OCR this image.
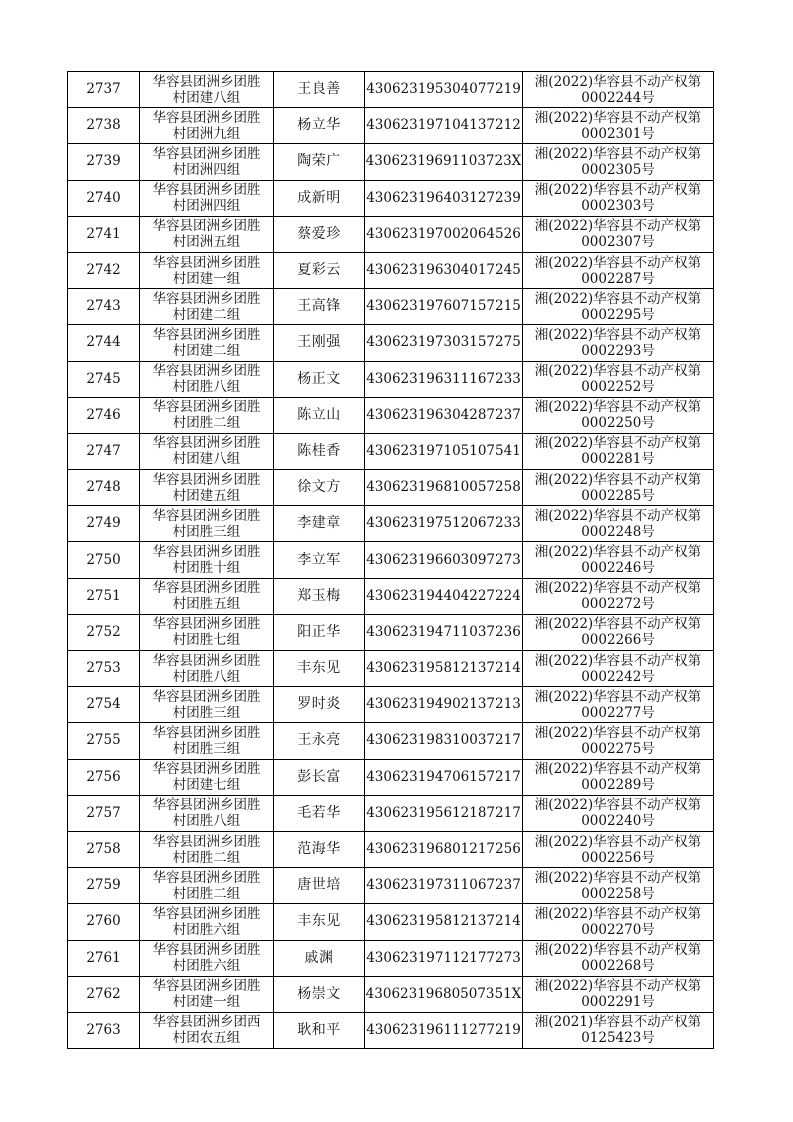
2737	华容县团洲乡团胜
村团建八组	王良善	430623195304077219	湘(2022)华容县不动产权第
0002244号

2738	华容县团洲乡团胜
村团洲九组	杨立华	430623197104137212	湘(2022)华容县不动产权第
0002301号

2739	华容县团洲乡团胜
村团洲四组	陶荣广	43062319691103723X	湘(2022)华容县不动产权第
0002305号

2740	华容县团洲乡团胜
村团洲四组	成新明	430623196403127239	湘(2022)华容县不动产权第
0002303号

2741	华容县团洲乡团胜
村团洲五组	蔡爱珍	430623197002064526	湘(2022)华容县不动产权第
0002307号

2742	华容县团洲乡团胜
村团建一组	夏彩云	430623196304017245	湘(2022)华容县不动产权第
0002287号

2743	华容县团洲乡团胜
村团建二组	王高锋	430623197607157215	湘(2022)华容县不动产权第
0002295号

2744	华容县团洲乡团胜
村团建二组	王刚强	430623197303157275	湘(2022)华容县不动产权第
0002293号

2745	华容县团洲乡团胜
村团胜八组	杨正文	430623196311167233	湘(2022)华容县不动产权第
0002252号

2746	华容县团洲乡团胜
村团胜二组	陈立山	430623196304287237	湘(2022)华容县不动产权第
0002250号

2747	华容县团洲乡团胜
村团建八组	陈桂香	430623197105107541	湘(2022)华容县不动产权第
0002281号

2748	华容县团洲乡团胜
村团建五组	徐文方	430623196810057258	湘(2022)华容县不动产权第
0002285号

2749	华容县团洲乡团胜
村团胜三组	李建章	430623197512067233	湘(2022)华容县不动产权第
0002248号

2750	华容县团洲乡团胜
村团胜十组	李立军	430623196603097273	湘(2022)华容县不动产权第
0002246号

2751	华容县团洲乡团胜
村团胜五组	郑玉梅	430623194404227224	湘(2022)华容县不动产权第
0002272号

2752	华容县团洲乡团胜
村团胜七组	阳正华	430623194711037236	湘(2022)华容县不动产权第
0002266号

2753	华容县团洲乡团胜
村团胜八组	丰东见	430623195812137214	湘(2022)华容县不动产权第
0002242号

2754	华容县团洲乡团胜
村团胜三组	罗时炎	430623194902137213	湘(2022)华容县不动产权第
0002277号

2755	华容县团洲乡团胜
村团胜三组	王永亮	430623198310037217	湘(2022)华容县不动产权第
0002275号

2756	华容县团洲乡团胜
村团建七组	彭长富	430623194706157217	湘(2022)华容县不动产权第
0002289号

2757	华容县团洲乡团胜
村团胜八组	毛若华	430623195612187217	湘(2022)华容县不动产权第
0002240号

2758	华容县团洲乡团胜
村团胜二组	范海华	430623196801217256	湘(2022)华容县不动产权第
0002256号

2759	华容县团洲乡团胜
村团胜二组	唐世培	430623197311067237	湘(2022)华容县不动产权第
0002258号

2760	华容县团洲乡团胜
村团胜六组	丰东见	430623195812137214	湘(2022)华容县不动产权第
0002270号

2761	华容县团洲乡团胜
村团胜六组	戚渊	430623197112177273	湘(2022)华容县不动产权第
0002268号

2762	华容县团洲乡团胜
村团建一组	杨崇文	43062319680507351X	湘(2022)华容县不动产权第
0002291号

2763	华容县团洲乡团西
村团农五组	耿和平	430623196111277219	湘(2021)华容县不动产权第
0125423号
